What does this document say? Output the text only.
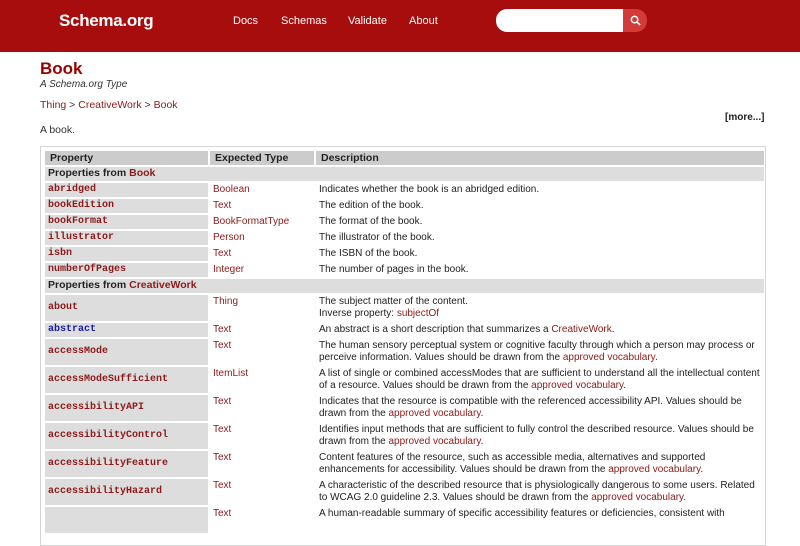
Schema.org	Docs Schemas Validate About
Book
A Schema.org Type
Thing > CreativeWork > Book
[more...]
A book.
Property	Expected Type	Description
Properties from Book		
abridged	Boolean	Indicates whether the book is an abridged edition.
bookEdition	Text	The edition of the book.
bookFormat	BookFormatType	The format of the book.
illustrator	Person	The illustrator of the book.
isbn	Text	The ISBN of the book.
numberOfPages	Integer	The number of pages in the book.
Properties from CreativeWork		
about	Thing	The subject matter of the content.
Inverse property: subjectOf
abstract	Text	An abstract is a short description that summarizes a CreativeWork.
accessMode	Text	The human sensory perceptual system or cognitive faculty through which a person may process or perceive information. Values should be drawn from the approved vocabulary.
accessModeSufficient	ItemList	A list of single or combined accessModes that are sufficient to understand all the intellectual content of a resource. Values should be drawn from the approved vocabulary.
accessibilityAPI	Text	Indicates that the resource is compatible with the referenced accessibility API. Values should be drawn from the approved vocabulary.
accessibilityControl	Text	Identifies input methods that are sufficient to fully control the described resource. Values should be drawn from the approved vocabulary.
accessibilityFeature	Text	Content features of the resource, such as accessible media, alternatives and supported enhancements for accessibility. Values should be drawn from the approved vocabulary.
accessibilityHazard	Text	A characteristic of the described resource that is physiologically dangerous to some users. Related to WCAG 2.0 guideline 2.3. Values should be drawn from the approved vocabulary.
	Text	A human-readable summary of specific accessibility features or deficiencies, consistent with
